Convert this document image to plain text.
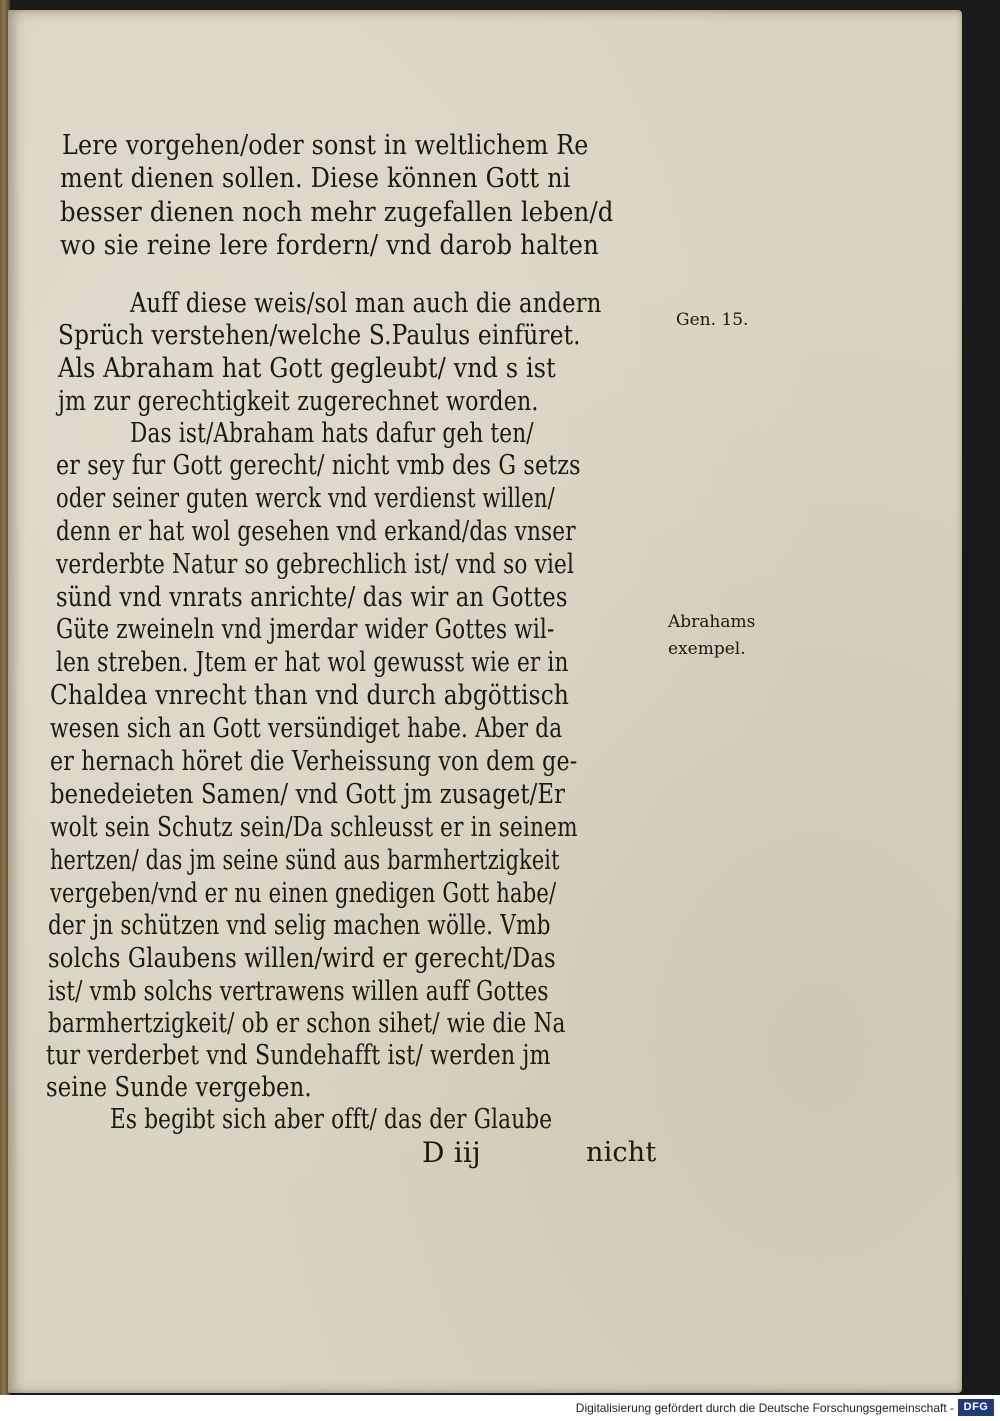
Lere vorgehen/oder sonst in weltlichem Re
ment dienen sollen. Diese können Gott ni
besser dienen noch mehr zugefallen leben/d
wo sie reine lere fordern/ vnd darob halten
Auff diese weis/sol man auch die andern
Sprüch verstehen/welche S.Paulus einfüret.
Als Abraham hat Gott gegleubt/ vnd s ist
jm zur gerechtigkeit zugerechnet worden.
Das ist/Abraham hats dafur geh ten/
er sey fur Gott gerecht/ nicht vmb des G setzs
oder seiner guten werck vnd verdienst willen/
denn er hat wol gesehen vnd erkand/das vnser
verderbte Natur so gebrechlich ist/ vnd so viel
sünd vnd vnrats anrichte/ das wir an Gottes
Güte zweineln vnd jmerdar wider Gottes wil-
len streben. Jtem er hat wol gewusst wie er in
Chaldea vnrecht than vnd durch abgöttisch
wesen sich an Gott versündiget habe. Aber da
er hernach höret die Verheissung von dem ge-
benedeieten Samen/ vnd Gott jm zusaget/Er
wolt sein Schutz sein/Da schleusst er in seinem
hertzen/ das jm seine sünd aus barmhertzigkeit
vergeben/vnd er nu einen gnedigen Gott habe/
der jn schützen vnd selig machen wölle. Vmb
solchs Glaubens willen/wird er gerecht/Das
ist/ vmb solchs vertrawens willen auff Gottes
barmhertzigkeit/ ob er schon sihet/ wie die Na
tur verderbet vnd Sundehafft ist/ werden jm
seine Sunde vergeben.
Es begibt sich aber offt/ das der Glaube
D iij	nicht
Gen. 15.
Abrahams
exempel.
Digitalisierung gefördert durch die Deutsche Forschungsgemeinschaft - DFG
